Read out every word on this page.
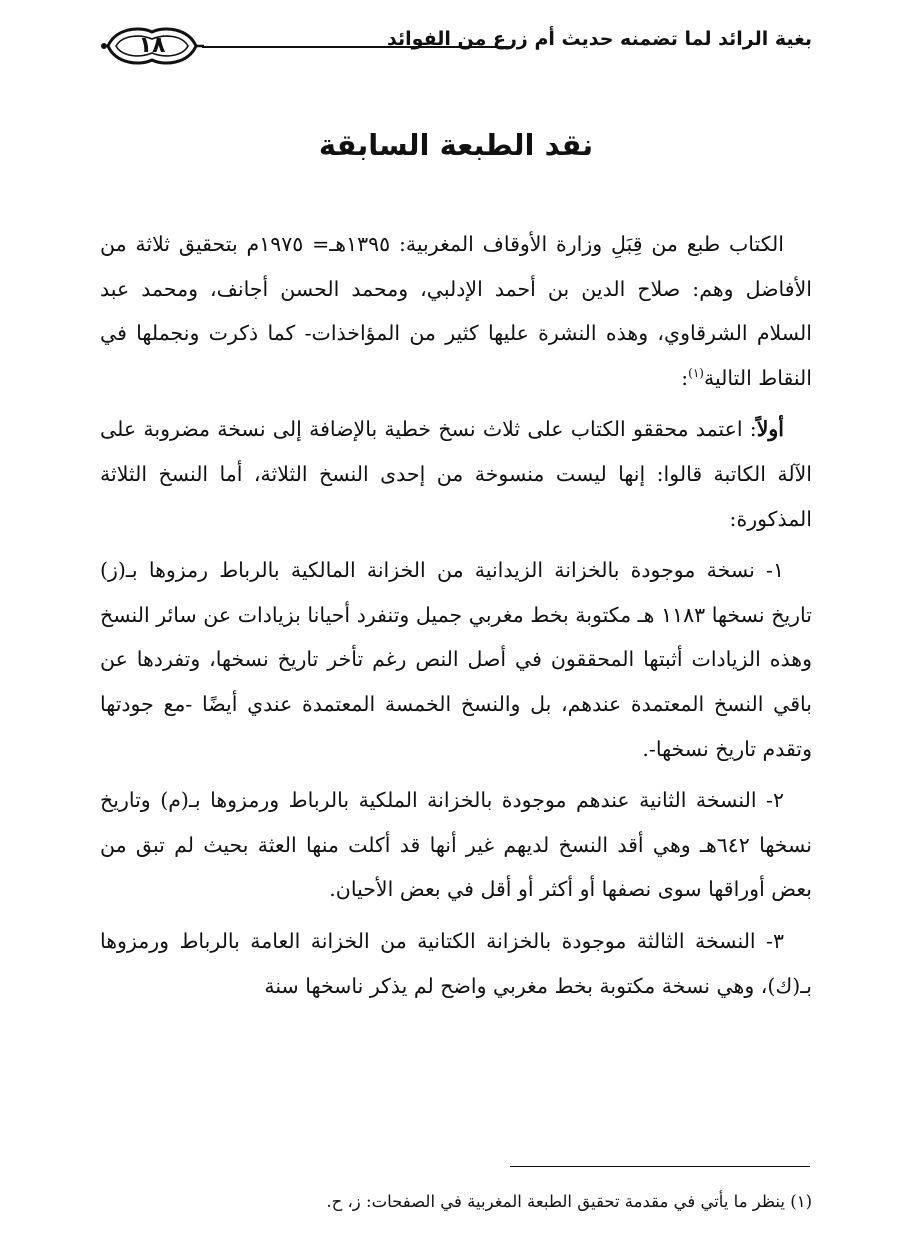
١٨	بغية الرائد لما تضمنه حديث أم زرع من الفوائد
نقد الطبعة السابقة

الكتاب طبع من قِبَلِ وزارة الأوقاف المغربية: ١٣٩٥هـ= ١٩٧٥م بتحقيق ثلاثة من الأفاضل وهم: صلاح الدين بن أحمد الإدلبي، ومحمد الحسن أجانف، ومحمد عبد السلام الشرقاوي، وهذه النشرة عليها كثير من المؤاخذات- كما ذكرت ونجملها في النقاط التالية$^{(١)}$:

أولاً: اعتمد محققو الكتاب على ثلاث نسخ خطية بالإضافة إلى نسخة مضروبة على الآلة الكاتبة قالوا: إنها ليست منسوخة من إحدى النسخ الثلاثة، أما النسخ الثلاثة المذكورة:

١- نسخة موجودة بالخزانة الزيدانية من الخزانة المالكية بالرباط رمزوها بـ(ز) تاريخ نسخها ١١٨٣ هـ مكتوبة بخط مغربي جميل وتنفرد أحيانا بزيادات عن سائر النسخ وهذه الزيادات أثبتها المحققون في أصل النص رغم تأخر تاريخ نسخها، وتفردها عن باقي النسخ المعتمدة عندهم، بل والنسخ الخمسة المعتمدة عندي أيضًا -مع جودتها وتقدم تاريخ نسخها-.

٢- النسخة الثانية عندهم موجودة بالخزانة الملكية بالرباط ورمزوها بـ(م) وتاريخ نسخها ٦٤٢هـ وهي أقد النسخ لديهم غير أنها قد أكلت منها العثة بحيث لم تبق من بعض أوراقها سوى نصفها أو أكثر أو أقل في بعض الأحيان.

٣- النسخة الثالثة موجودة بالخزانة الكتانية من الخزانة العامة بالرباط ورمزوها بـ(ك)، وهي نسخة مكتوبة بخط مغربي واضح لم يذكر ناسخها سنة

(١) ينظر ما يأتي في مقدمة تحقيق الطبعة المغربية في الصفحات: ز، ح.
